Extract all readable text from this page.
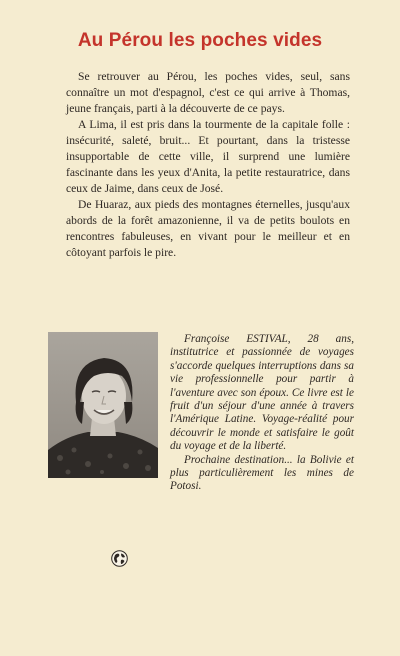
Au Pérou les poches vides

Se retrouver au Pérou, les poches vides, seul, sans connaître un mot d'espagnol, c'est ce qui arrive à Thomas, jeune français, parti à la découverte de ce pays.

A Lima, il est pris dans la tourmente de la capitale folle : insécurité, saleté, bruit... Et pourtant, dans la tristesse insupportable de cette ville, il surprend une lumière fascinante dans les yeux d'Anita, la petite restauratrice, dans ceux de Jaime, dans ceux de José.

De Huaraz, aux pieds des montagnes éternelles, jusqu'aux abords de la forêt amazonienne, il va de petits boulots en rencontres fabuleuses, en vivant pour le meilleur et en côtoyant parfois le pire.

Françoise ESTIVAL, 28 ans, institutrice et passionnée de voyages s'accorde quelques interruptions dans sa vie professionnelle pour partir à l'aventure avec son époux. Ce livre est le fruit d'un séjour d'une année à travers l'Amérique Latine. Voyage-réalité pour découvrir le monde et satisfaire le goût du voyage et de la liberté.

Prochaine destination... la Bolivie et plus particulièrement les mines de Potosi.
